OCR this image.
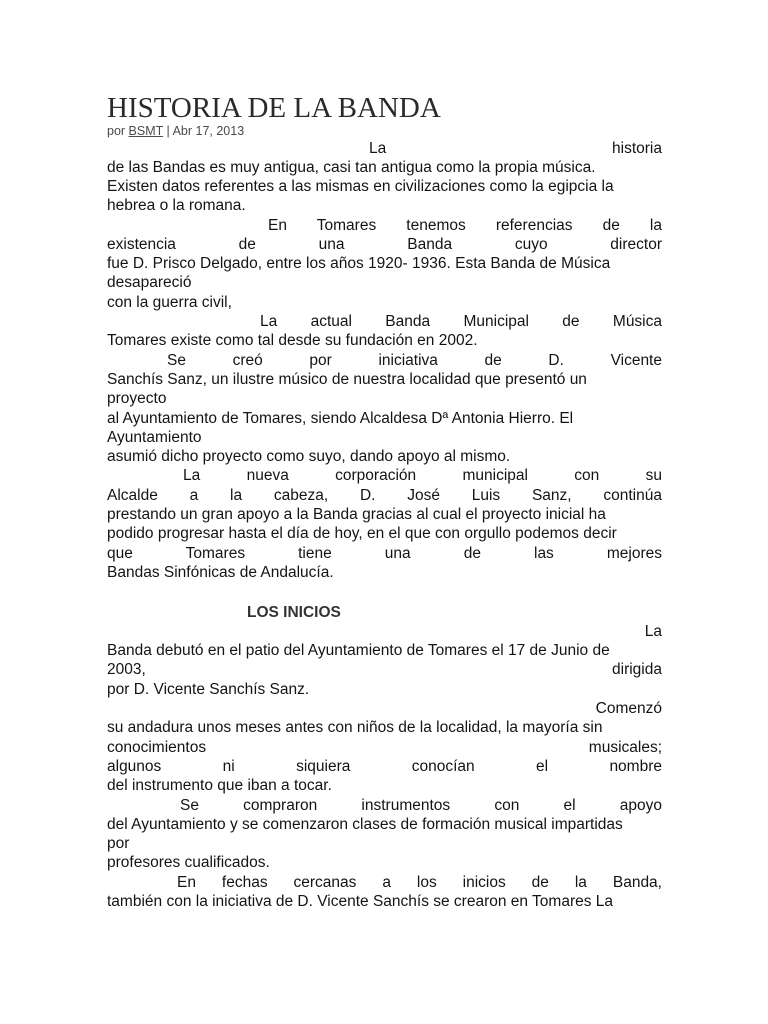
HISTORIA DE LA BANDA
por BSMT | Abr 17, 2013
La historia
de las Bandas es muy antigua, casi tan antigua como la propia música.
Existen datos referentes a las mismas en civilizaciones como la egipcia la
hebrea o la romana.
En Tomares tenemos referencias de la
existencia de una Banda cuyo director
fue D. Prisco Delgado, entre los años 1920- 1936. Esta Banda de Música
desapareció
con la guerra civil,
La actual Banda Municipal de Música
Tomares existe como tal desde su fundación en 2002.
Se creó por iniciativa de D. Vicente
Sanchís Sanz, un ilustre músico de nuestra localidad que presentó un
proyecto
al Ayuntamiento de Tomares, siendo Alcaldesa Dª Antonia Hierro. El
Ayuntamiento
asumió dicho proyecto como suyo, dando apoyo al mismo.
La nueva corporación municipal con su
Alcalde a la cabeza, D. José Luis Sanz, continúa
prestando un gran apoyo a la Banda gracias al cual el proyecto inicial ha
podido progresar hasta el día de hoy, en el que con orgullo podemos decir
que Tomares tiene una de las mejores
Bandas Sinfónicas de Andalucía.
LOS INICIOS
La
Banda debutó en el patio del Ayuntamiento de Tomares el 17 de Junio de
2003,	dirigida
por D. Vicente Sanchís Sanz.
Comenzó
su andadura unos meses antes con niños de la localidad, la mayoría sin
conocimientos	musicales;
algunos ni siquiera conocían el nombre
del instrumento que iban a tocar.
Se compraron instrumentos con el apoyo
del Ayuntamiento y se comenzaron clases de formación musical impartidas
por
profesores cualificados.
En fechas cercanas a los inicios de la Banda,
también con la iniciativa de D. Vicente Sanchís se crearon en Tomares La
